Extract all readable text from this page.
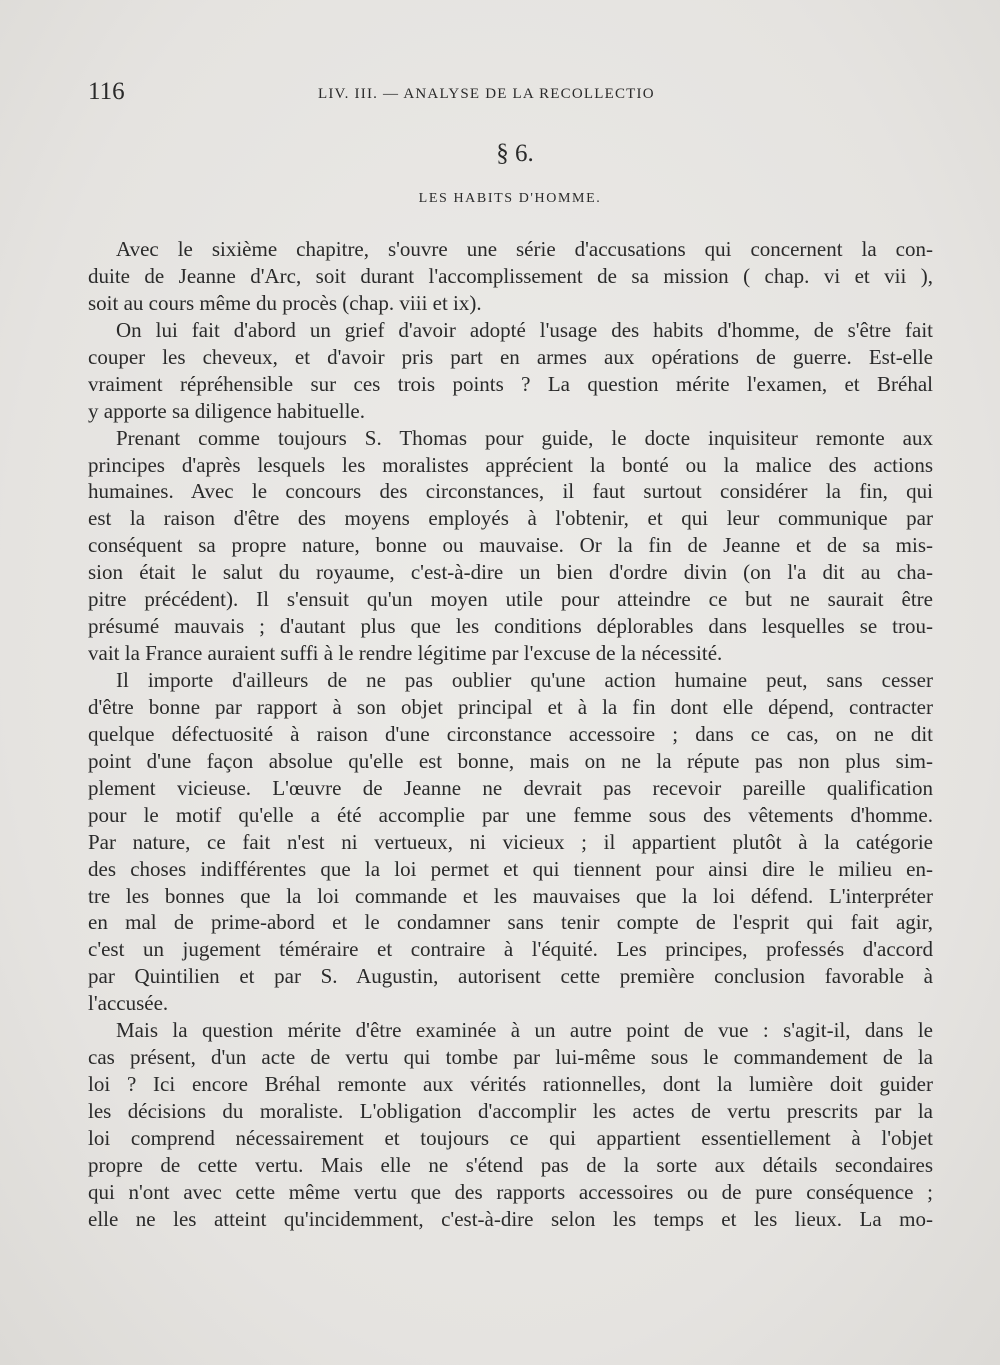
116	LIV. III. — ANALYSE DE LA RECOLLECTIO
§ 6.
LES HABITS D'HOMME.
Avec le sixième chapitre, s'ouvre une série d'accusations qui concernent la con-
duite de Jeanne d'Arc, soit durant l'accomplissement de sa mission ( chap. vi et vii ),
soit au cours même du procès (chap. viii et ix).
On lui fait d'abord un grief d'avoir adopté l'usage des habits d'homme, de s'être fait
couper les cheveux, et d'avoir pris part en armes aux opérations de guerre. Est-elle
vraiment répréhensible sur ces trois points ? La question mérite l'examen, et Bréhal
y apporte sa diligence habituelle.
Prenant comme toujours S. Thomas pour guide, le docte inquisiteur remonte aux
principes d'après lesquels les moralistes apprécient la bonté ou la malice des actions
humaines. Avec le concours des circonstances, il faut surtout considérer la fin, qui
est la raison d'être des moyens employés à l'obtenir, et qui leur communique par
conséquent sa propre nature, bonne ou mauvaise. Or la fin de Jeanne et de sa mis-
sion était le salut du royaume, c'est-à-dire un bien d'ordre divin (on l'a dit au cha-
pitre précédent). Il s'ensuit qu'un moyen utile pour atteindre ce but ne saurait être
présumé mauvais ; d'autant plus que les conditions déplorables dans lesquelles se trou-
vait la France auraient suffi à le rendre légitime par l'excuse de la nécessité.
Il importe d'ailleurs de ne pas oublier qu'une action humaine peut, sans cesser
d'être bonne par rapport à son objet principal et à la fin dont elle dépend, contracter
quelque défectuosité à raison d'une circonstance accessoire ; dans ce cas, on ne dit
point d'une façon absolue qu'elle est bonne, mais on ne la répute pas non plus sim-
plement vicieuse. L'œuvre de Jeanne ne devrait pas recevoir pareille qualification
pour le motif qu'elle a été accomplie par une femme sous des vêtements d'homme.
Par nature, ce fait n'est ni vertueux, ni vicieux ; il appartient plutôt à la catégorie
des choses indifférentes que la loi permet et qui tiennent pour ainsi dire le milieu en-
tre les bonnes que la loi commande et les mauvaises que la loi défend. L'interpréter
en mal de prime-abord et le condamner sans tenir compte de l'esprit qui fait agir,
c'est un jugement téméraire et contraire à l'équité. Les principes, professés d'accord
par Quintilien et par S. Augustin, autorisent cette première conclusion favorable à
l'accusée.
Mais la question mérite d'être examinée à un autre point de vue : s'agit-il, dans le
cas présent, d'un acte de vertu qui tombe par lui-même sous le commandement de la
loi ? Ici encore Bréhal remonte aux vérités rationnelles, dont la lumière doit guider
les décisions du moraliste. L'obligation d'accomplir les actes de vertu prescrits par la
loi comprend nécessairement et toujours ce qui appartient essentiellement à l'objet
propre de cette vertu. Mais elle ne s'étend pas de la sorte aux détails secondaires
qui n'ont avec cette même vertu que des rapports accessoires ou de pure conséquence ;
elle ne les atteint qu'incidemment, c'est-à-dire selon les temps et les lieux. La mo-
